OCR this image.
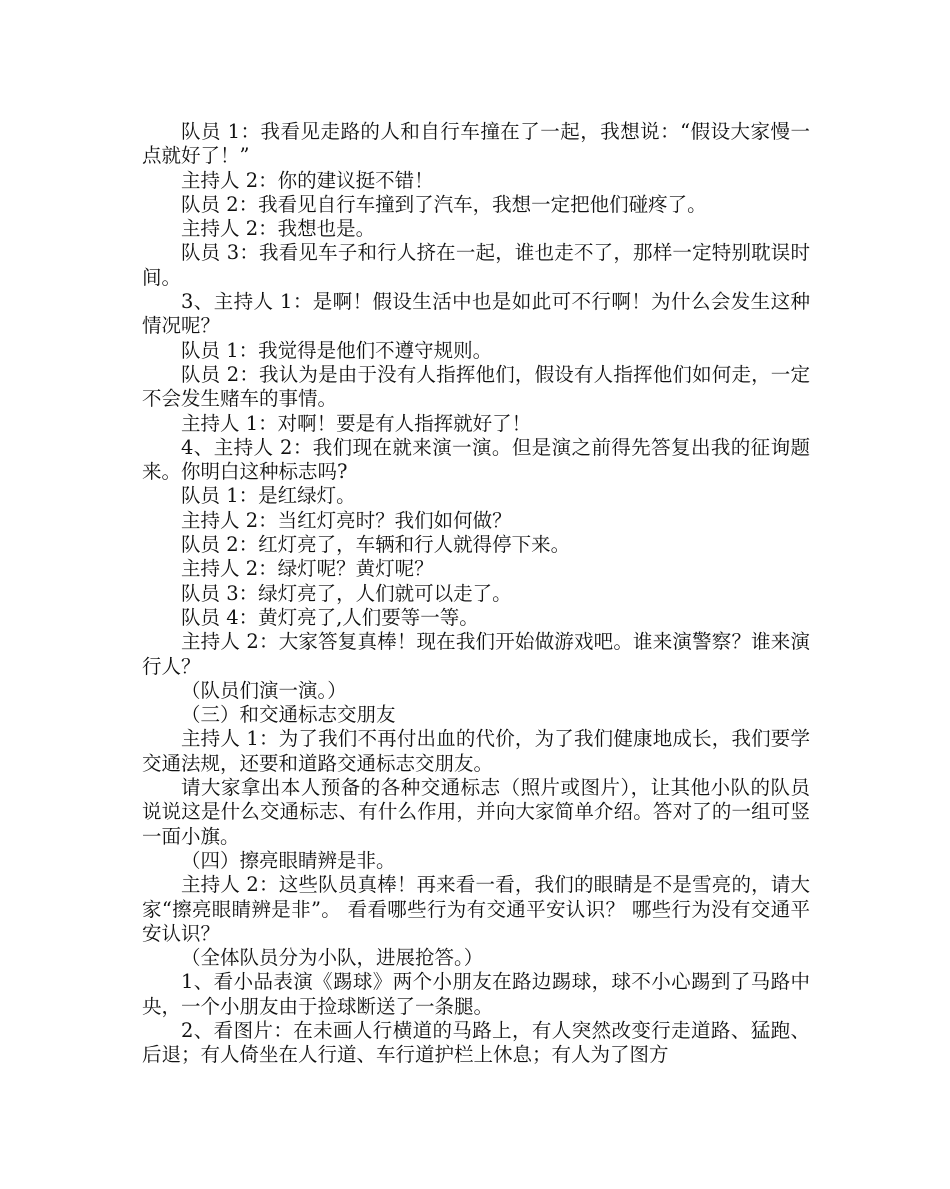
队员 1：我看见走路的人和自行车撞在了一起，我想说：“假设大家慢一点就好了！”

主持人 2：你的建议挺不错！

队员 2：我看见自行车撞到了汽车，我想一定把他们碰疼了。

主持人 2：我想也是。

队员 3：我看见车子和行人挤在一起，谁也走不了，那样一定特别耽误时间。

3、主持人 1：是啊！假设生活中也是如此可不行啊！为什么会发生这种情况呢？

队员 1：我觉得是他们不遵守规则。

队员 2：我认为是由于没有人指挥他们，假设有人指挥他们如何走，一定不会发生赌车的事情。

主持人 1：对啊！要是有人指挥就好了！

4、主持人 2：我们现在就来演一演。但是演之前得先答复出我的征询题来。你明白这种标志吗?

队员 1：是红绿灯。

主持人 2：当红灯亮时？我们如何做？

队员 2：红灯亮了，车辆和行人就得停下来。

主持人 2：绿灯呢？黄灯呢？

队员 3：绿灯亮了，人们就可以走了。

队员 4：黄灯亮了,人们要等一等。

主持人 2：大家答复真棒！现在我们开始做游戏吧。谁来演警察？谁来演行人？

（队员们演一演。）

（三）和交通标志交朋友

主持人 1：为了我们不再付出血的代价，为了我们健康地成长，我们要学交通法规，还要和道路交通标志交朋友。

请大家拿出本人预备的各种交通标志（照片或图片），让其他小队的队员说说这是什么交通标志、有什么作用，并向大家简单介绍。答对了的一组可竖一面小旗。

（四）擦亮眼睛辨是非。

主持人 2：这些队员真棒！再来看一看，我们的眼睛是不是雪亮的，请大家“擦亮眼睛辨是非”。 看看哪些行为有交通平安认识？ 哪些行为没有交通平安认识？

（全体队员分为小队，进展抢答。）

1、看小品表演《踢球》两个小朋友在路边踢球，球不小心踢到了马路中央，一个小朋友由于捡球断送了一条腿。

2、看图片：在未画人行横道的马路上，有人突然改变行走道路、猛跑、后退；有人倚坐在人行道、车行道护栏上休息；有人为了图方
